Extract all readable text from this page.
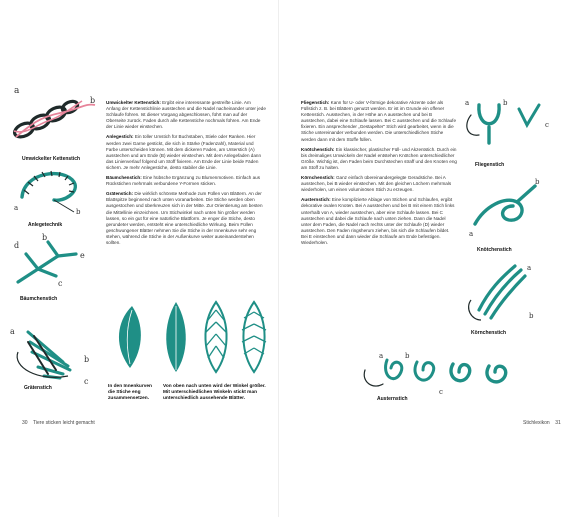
a
b
Umwickelter Kettenstich
b
a
Anlegetechnik
d
b
e
c
Bäumchenstich
a
b
c
Grätenstich

Umwickelter Kettenstich: Ergibt eine interessante gestreifte Linie. Am Anfang der Kettenstichlinie ausstechen und die Nadel nacheinander unter jede Schlaufe führen. Ist dieser Vorgang abgeschlossen, führt man auf der Oberseite zurück. Faden durch alle Kettenstiche nochmals führen. Am Ende der Linie wieder einstechen.

Anlegestich: Ein toller Umstich für Buchstaben, Stiele oder Ranken. Hier werden zwei Garne gestickt, die sich in Stärke (Fadenzahl), Material und Farbe unterscheiden können. Mit dem dickeren Faden, am Unterstich (A) ausstechen und am Ende (B) wieder einstechen. Mit dem Anlegefaden dann das Linienverlauf folgend um Stoff fixieren. Am Ende der Linie beide Fäden sichern. Je mehr Anlegestiche, desto stabiler die Linie.

Bäumchenstich: Eine hübsche Ergänzung zu Blumenmotiven. Einfach aus Rückstichen mehrmals verbundene Y-Formen sticken.

Grätenstich: Die wirklich schönste Methode zum Füllen von Blättern. An der Blattspitze beginnend nach unten voranarbeiten. Die Stiche werden oben ausgestochen und überkreuzen sich in der Mitte. Zur Orientierung am besten die Mittellinie einzeichnen. Um Stichwinkel nach unten hin größer werden lassen, so ein gut für eine natürliche Blattform. Je enger die Stiche, desto gerundeter werden, entsteht eine unterschiedliche Wirkung. Beim Füllen geschwungener Blätter nehmen Sie die Stiche in der Innenkurve sehr eng stehen, während die Stiche in der Außenkurve weiter auseinanderstehen sollten.

In den Innenkurven die Stiche eng zusammensetzen.
Von oben nach unten wird der Winkel größer. Mit unterschiedlichen Winkeln stickt man unterschiedlich aussehende Blätter.
30 Tiere sticken leicht gemacht

Fliegenstich: Kann für U- oder V-förmige dekorative Akzente oder als Füllstich z. B. bei Blättern genutzt werden. Er ist im Grunde ein offener Kettenstich. Ausstechen, in der Höhe an A ausstechen und bei B ausstechen, dabei eine Schlaufe lassen. Bei C ausstechen und die Schlaufe fixieren. Ein ansprechender „Gestapelter“ Stich wird gearbeitet, wenn in die Stiche untereinander verbunden werden. Die unterschiedlichen Stiche werden dann mit dem Stoffe füllen.

Knötchenstich: Ein klassischer, plastischer Füll- und Akzentstich. Durch ein bis dreimaliges Umwickeln der Nadel entstehen Knötchen unterschiedlicher Größe. Wichtig ist, den Faden beim Durchstechen straff und den Knoten eng am Stoff zu halten.

Körnchenstich: Ganz einfach übereinandergelegte Geradstiche. Bei A ausstechen, bei B wieder einstechen. Mit den gleichen Löchern mehrmals wiederholen, um einen voluminösen Stich zu erzeugen.

Austernstich: Eine komplizierte Ablage von Stichen und Schlaufen, ergibt dekorative ovalen Knoten. Bei A ausstechen und bei B mit einem Stich links unterhalb von A, wieder ausstechen, aber eine Schlaufe lassen. Bei C ausstechen und dabei die Schlaufe nach unten ziehen. Dann die Nadel unter dem Faden, die Nadel nach rechts unter der Schlaufe (D) wieder ausstechen. Den Faden ringsherum ziehen, bis sich die Schlaufen bildet. Bei E einstechen und dann wieder die Schlaufe am Ende befestigen. Wiederholen.

a	b
c
Fliegenstich
b
a
Knötchenstich
a
b
Körnchenstich
a	b
c
Austernstich
Stichlexikon 31
